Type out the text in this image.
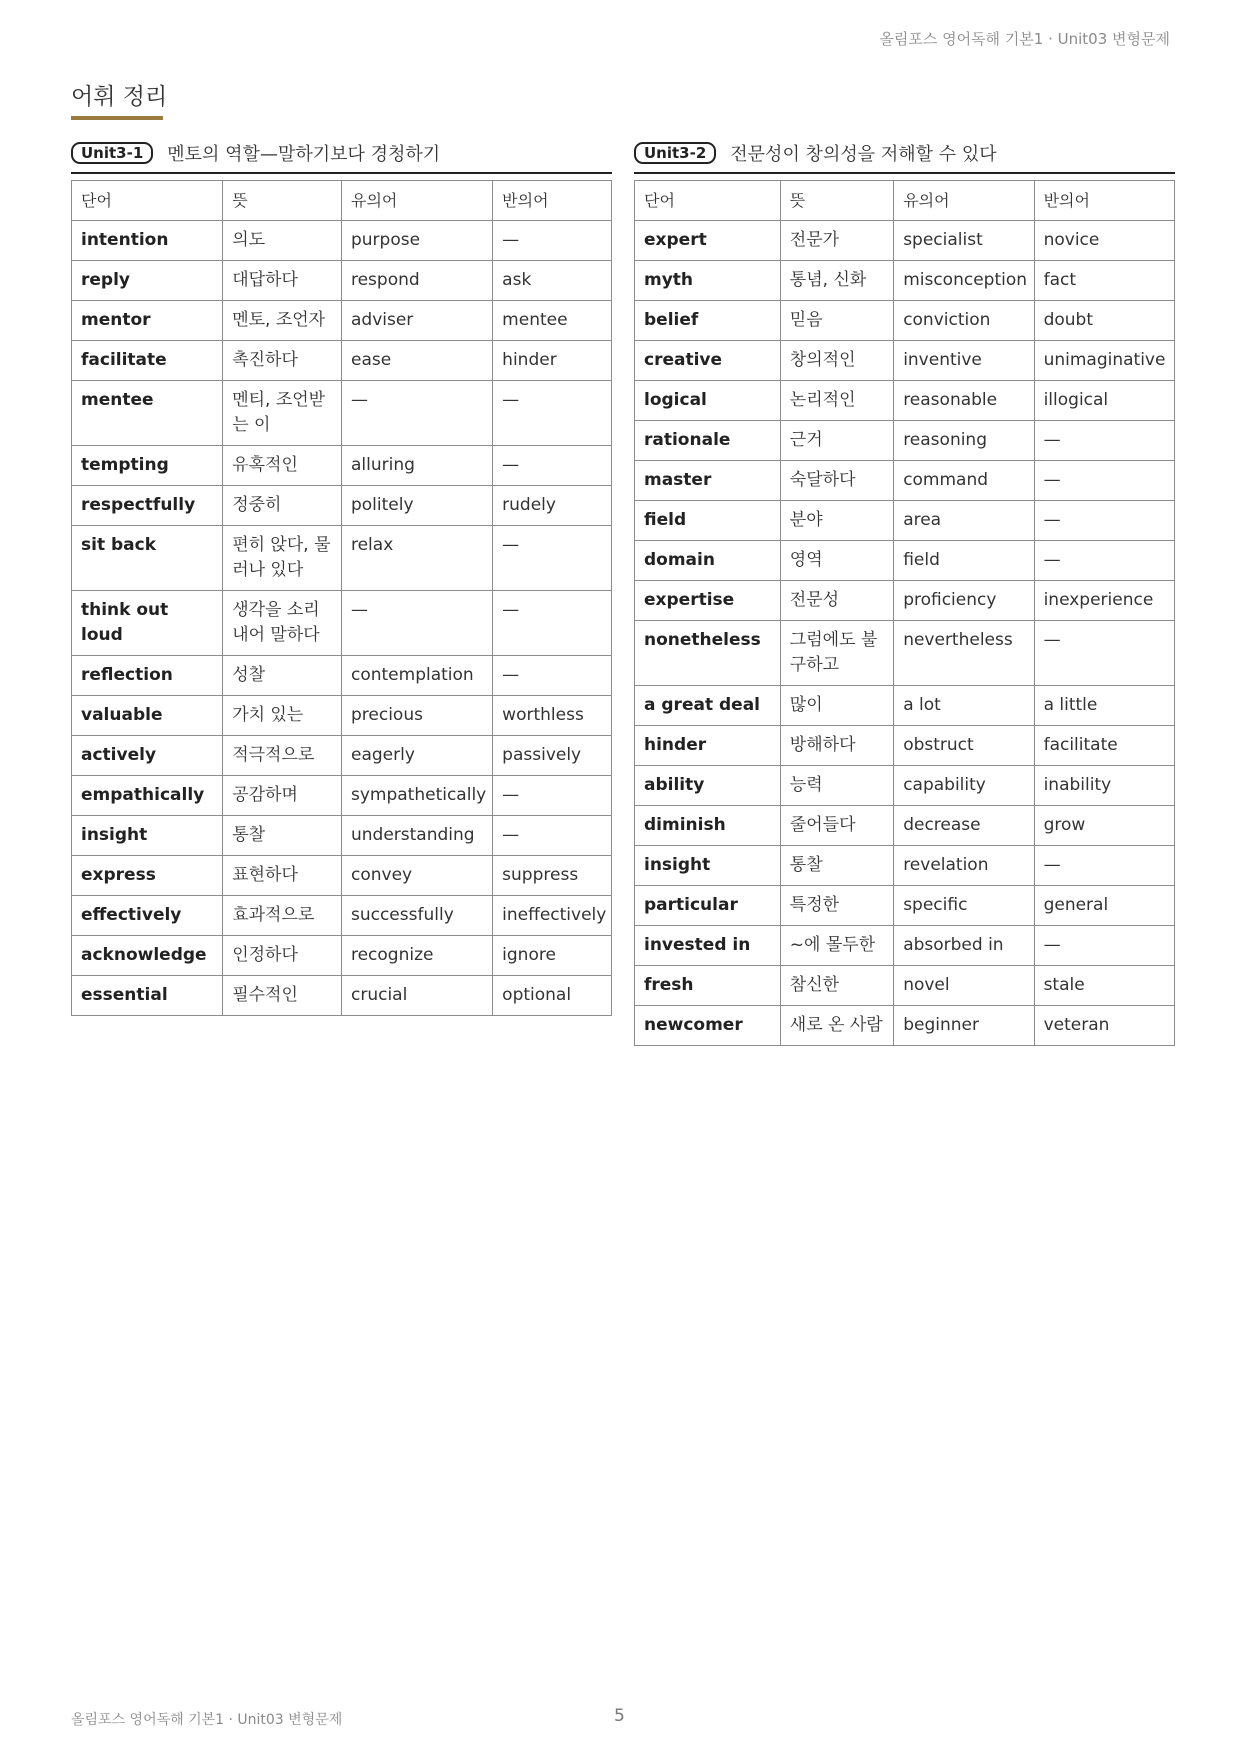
올림포스 영어독해 기본1 · Unit03 변형문제
어휘 정리
Unit3-1	멘토의 역할—말하기보다 경청하기
단어	뜻	유의어	반의어
intention	의도	purpose	—
reply	대답하다	respond	ask
mentor	멘토, 조언자	adviser	mentee
facilitate	촉진하다	ease	hinder
mentee	멘티, 조언받는 이	—	—
tempting	유혹적인	alluring	—
respectfully	정중히	politely	rudely
sit back	편히 앉다, 물러나 있다	relax	—
think out loud	생각을 소리 내어 말하다	—	—
reflection	성찰	contemplation	—
valuable	가치 있는	precious	worthless
actively	적극적으로	eagerly	passively
empathically	공감하며	sympathetically	—
insight	통찰	understanding	—
express	표현하다	convey	suppress
effectively	효과적으로	successfully	ineffectively
acknowledge	인정하다	recognize	ignore
essential	필수적인	crucial	optional
Unit3-2	전문성이 창의성을 저해할 수 있다
단어	뜻	유의어	반의어
expert	전문가	specialist	novice
myth	통념, 신화	misconception	fact
belief	믿음	conviction	doubt
creative	창의적인	inventive	unimaginative
logical	논리적인	reasonable	illogical
rationale	근거	reasoning	—
master	숙달하다	command	—
field	분야	area	—
domain	영역	field	—
expertise	전문성	proficiency	inexperience
nonetheless	그럼에도 불구하고	nevertheless	—
a great deal	많이	a lot	a little
hinder	방해하다	obstruct	facilitate
ability	능력	capability	inability
diminish	줄어들다	decrease	grow
insight	통찰	revelation	—
particular	특정한	specific	general
invested in	~에 몰두한	absorbed in	—
fresh	참신한	novel	stale
newcomer	새로 온 사람	beginner	veteran
올림포스 영어독해 기본1 · Unit03 변형문제	5
